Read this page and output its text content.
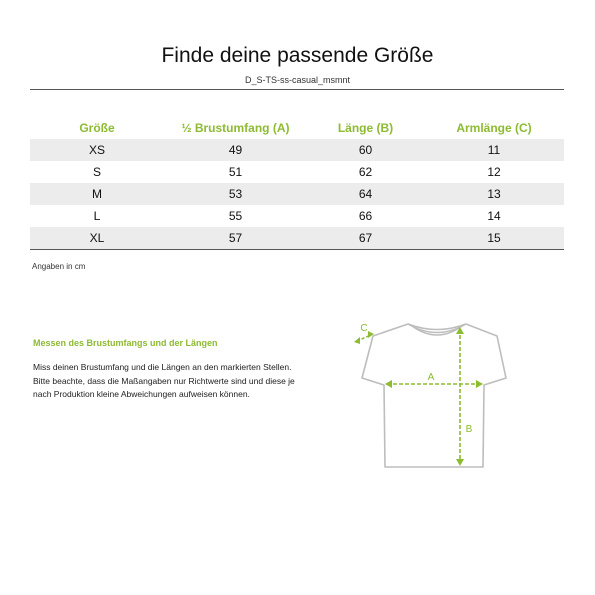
Finde deine passende Größe
D_S-TS-ss-casual_msmnt
Größe	½ Brustumfang (A)	Länge (B)	Armlänge (C)
XS	49	60	11
S	51	62	12
M	53	64	13
L	55	66	14
XL	57	67	15
Angaben in cm
Messen des Brustumfangs und der Längen

Miss deinen Brustumfang und die Längen an den markierten Stellen.

Bitte beachte, dass die Maßangaben nur Richtwerte sind und diese je nach Produktion kleine Abweichungen aufweisen können.

A
B
C
